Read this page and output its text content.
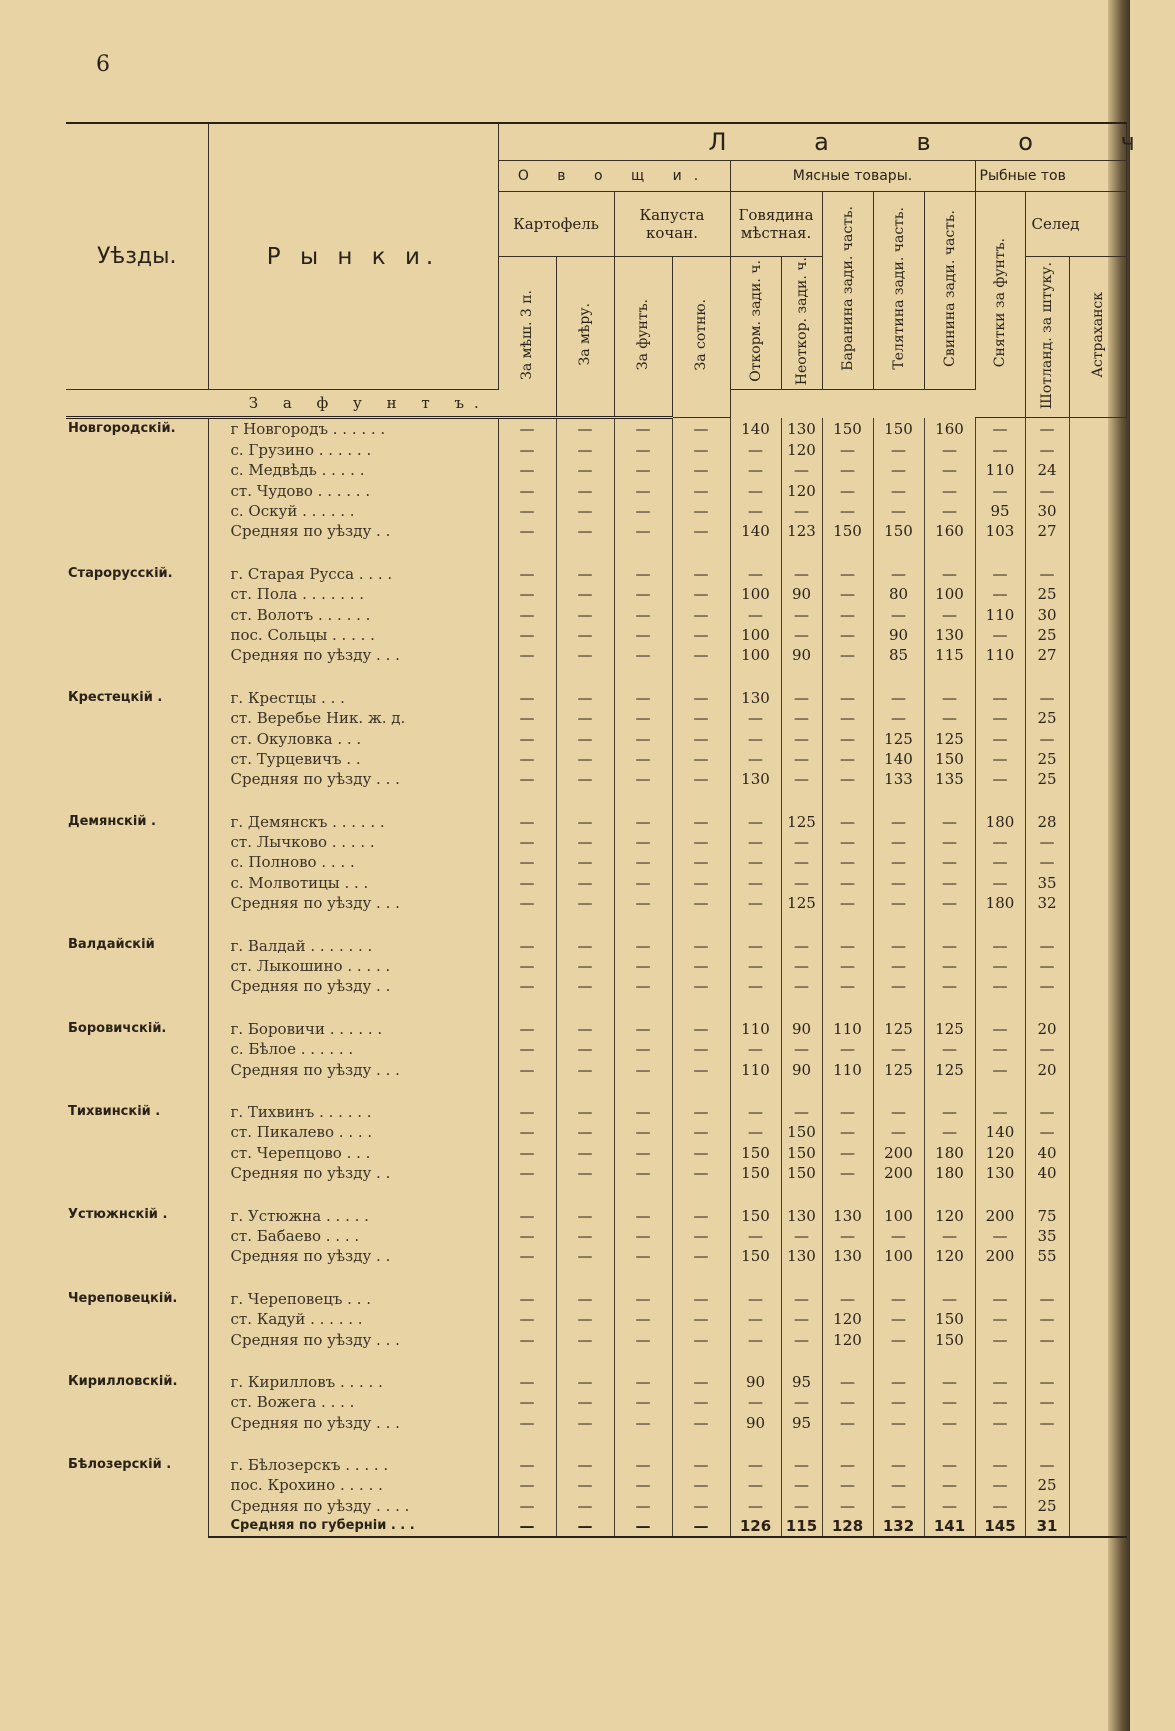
6
Уѣзды.	Р ы н к и.	Л а в о ч											
		О в о щ и.				Мясные товары.					Рыбные тов		
		Картофель		Капуста кочан.		Говядина мѣстная.		Баранина зади. часть.	Телятина зади. часть.	Свинина зади. часть.	Снятки за фунтъ.	Селед	
		За мѣш. 3 п.	За мѣру.	За фунтъ.	За сотню.	Откорм. зади. ч.	Неоткор. зади. ч.					Шотланд. за штуку.	Астраханск
З а ф у н т ъ.													
Новгородскій.	г Новгородъ . . . . . .	—	—	—	—	140	130	150	150	160	—	—	
	с. Грузино . . . . . .	—	—	—	—	—	120	—	—	—	—	—	
	с. Медвѣдь . . . . .	—	—	—	—	—	—	—	—	—	110	24	
	ст. Чудово . . . . . .	—	—	—	—	—	120	—	—	—	—	—	
	с. Оскуй . . . . . .	—	—	—	—	—	—	—	—	—	95	30	
	Средняя по уѣзду . .	—	—	—	—	140	123	150	150	160	103	27	

Старорусскій.	г. Старая Русса . . . .	—	—	—	—	—	—	—	—	—	—	—	
	ст. Пола . . . . . . .	—	—	—	—	100	90	—	80	100	—	25	
	ст. Волотъ . . . . . .	—	—	—	—	—	—	—	—	—	110	30	
	пос. Сольцы . . . . .	—	—	—	—	100	—	—	90	130	—	25	
	Средняя по уѣзду . . .	—	—	—	—	100	90	—	85	115	110	27	

Крестецкій .	г. Крестцы . . .	—	—	—	—	130	—	—	—	—	—	—	
	ст. Веребье Ник. ж. д.	—	—	—	—	—	—	—	—	—	—	25	
	ст. Окуловка . . .	—	—	—	—	—	—	—	125	125	—	—	
	ст. Турцевичъ . .	—	—	—	—	—	—	—	140	150	—	25	
	Средняя по уѣзду . . .	—	—	—	—	130	—	—	133	135	—	25	

Демянскій .	г. Демянскъ . . . . . .	—	—	—	—	—	125	—	—	—	180	28	
	ст. Лычково . . . . .	—	—	—	—	—	—	—	—	—	—	—	
	с. Полново . . . .	—	—	—	—	—	—	—	—	—	—	—	
	с. Молвотицы . . .	—	—	—	—	—	—	—	—	—	—	35	
	Средняя по уѣзду . . .	—	—	—	—	—	125	—	—	—	180	32	

Валдайскій	г. Валдай . . . . . . .	—	—	—	—	—	—	—	—	—	—	—	
	ст. Лыкошино . . . . .	—	—	—	—	—	—	—	—	—	—	—	
	Средняя по уѣзду . .	—	—	—	—	—	—	—	—	—	—	—	

Боровичскій.	г. Боровичи . . . . . .	—	—	—	—	110	90	110	125	125	—	20	
	с. Бѣлое . . . . . .	—	—	—	—	—	—	—	—	—	—	—	
	Средняя по уѣзду . . .	—	—	—	—	110	90	110	125	125	—	20	

Тихвинскій .	г. Тихвинъ . . . . . .	—	—	—	—	—	—	—	—	—	—	—	
	ст. Пикалево . . . .	—	—	—	—	—	150	—	—	—	140	—	
	ст. Черепцово . . .	—	—	—	—	150	150	—	200	180	120	40	
	Средняя по уѣзду . .	—	—	—	—	150	150	—	200	180	130	40	

Устюжнскій .	г. Устюжна . . . . .	—	—	—	—	150	130	130	100	120	200	75	
	ст. Бабаево . . . .	—	—	—	—	—	—	—	—	—	—	35	
	Средняя по уѣзду . .	—	—	—	—	150	130	130	100	120	200	55	

Череповецкій.	г. Череповецъ . . .	—	—	—	—	—	—	—	—	—	—	—	
	ст. Кадуй . . . . . .	—	—	—	—	—	—	120	—	150	—	—	
	Средняя по уѣзду . . .	—	—	—	—	—	—	120	—	150	—	—	

Кирилловскій.	г. Кирилловъ . . . . .	—	—	—	—	90	95	—	—	—	—	—	
	ст. Вожега . . . .	—	—	—	—	—	—	—	—	—	—	—	
	Средняя по уѣзду . . .	—	—	—	—	90	95	—	—	—	—	—	

Бѣлозерскій .	г. Бѣлозерскъ . . . . .	—	—	—	—	—	—	—	—	—	—	—	
	пос. Крохино . . . . .	—	—	—	—	—	—	—	—	—	—	25	
	Средняя по уѣзду . . . .	—	—	—	—	—	—	—	—	—	—	25	
	Средняя по губерніи . . .	—	—	—	—	126	115	128	132	141	145	31	
